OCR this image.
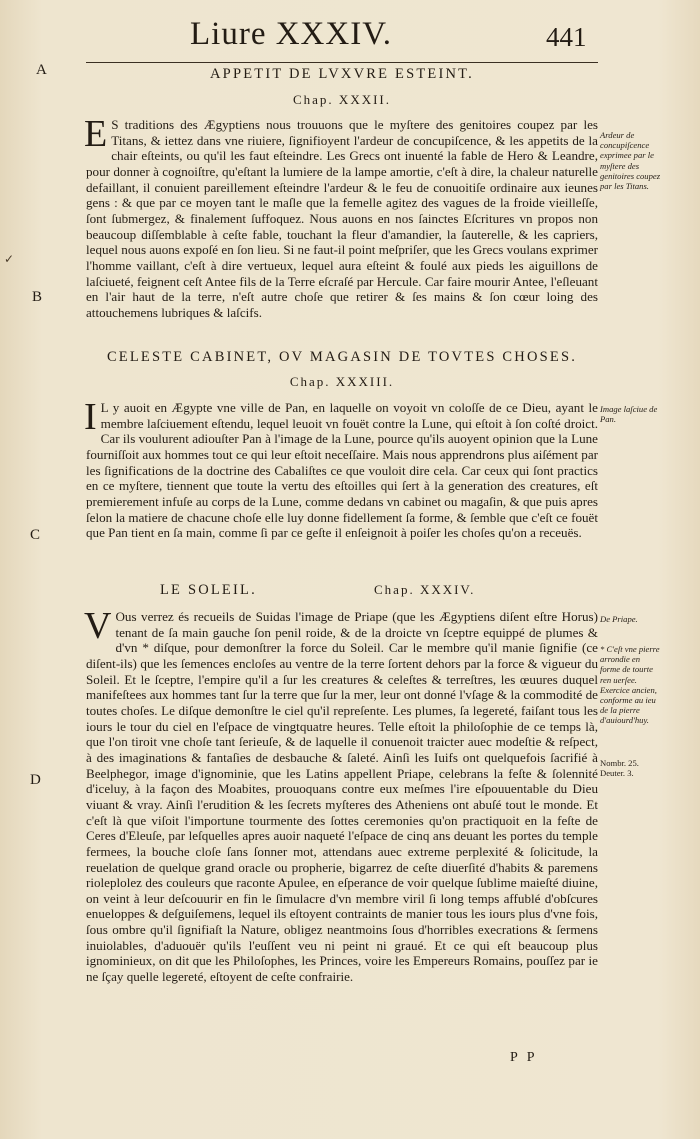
Liure XXXIV.	441
A
B
C
D
APPETIT DE LVXVRE ESTEINT.
Chap. XXXII.

E S traditions des Ægyptiens nous trouuons que le myſtere des genitoires coupez par les Titans, & iettez dans vne riuiere, ſignifioyent l'ardeur de concupiſcence, & les appetits de la chair eſteints, ou qu'il les faut eſteindre. Les Grecs ont inuenté la fable de Hero & Leandre, pour donner à cognoiſtre, qu'eſtant la lumiere de la lampe amortie, c'eſt à dire, la chaleur naturelle defaillant, il conuient pareillement eſteindre l'ardeur & le feu de conuoitiſe ordinaire aux ieunes gens : & que par ce moyen tant le maſle que la femelle agitez des vagues de la froide vieilleſſe, ſont ſubmergez, & finalement ſuffoquez. Nous auons en nos ſainctes Eſcritures vn propos non beaucoup diſſemblable à ceſte fable, touchant la fleur d'amandier, la ſauterelle, & les capriers, lequel nous auons expoſé en ſon lieu. Si ne faut-il point meſpriſer, que les Grecs voulans exprimer l'homme vaillant, c'eſt à dire vertueux, lequel aura eſteint & foulé aux pieds les aiguillons de laſciueté, feignent ceſt Antee fils de la Terre eſcraſé par Hercule. Car faire mourir Antee, l'eſleuant en l'air haut de la terre, n'eſt autre choſe que retirer & ſes mains & ſon cœur loing des attouchemens lubriques & laſcifs.

CELESTE CABINET, OV MAGASIN DE TOVTES CHOSES.
Chap. XXXIII.

I L y auoit en Ægypte vne ville de Pan, en laquelle on voyoit vn coloſſe de ce Dieu, ayant le membre laſciuement eſtendu, lequel leuoit vn fouët contre la Lune, qui eſtoit à ſon coſté droict. Car ils voulurent adiouſter Pan à l'image de la Lune, pource qu'ils auoyent opinion que la Lune fourniſſoit aux hommes tout ce qui leur eſtoit neceſſaire. Mais nous apprendrons plus aiſément par les ſignifications de la doctrine des Cabaliſtes ce que vouloit dire cela. Car ceux qui ſont practics en ce myſtere, tiennent que toute la vertu des eſtoilles qui ſert à la generation des creatures, eſt premierement infuſe au corps de la Lune, comme dedans vn cabinet ou magaſin, & que puis apres ſelon la matiere de chacune choſe elle luy donne fidellement ſa forme, & ſemble que c'eſt ce fouët que Pan tient en ſa main, comme ſi par ce geſte il enſeignoit à poiſer les choſes qu'on a receuës.

LE SOLEIL.	Chap. XXXIV.

V Ous verrez és recueils de Suidas l'image de Priape (que les Ægyptiens diſent eſtre Horus) tenant de ſa main gauche ſon penil roide, & de la droicte vn ſceptre equippé de plumes & d'vn * diſque, pour demonſtrer la force du Soleil. Car le membre qu'il manie ſignifie (ce diſent-ils) que les ſemences encloſes au ventre de la terre ſortent dehors par la force & vigueur du Soleil. Et le ſceptre, l'empire qu'il a ſur les creatures & celeſtes & terreſtres, les œuures duquel manifeſtees aux hommes tant ſur la terre que ſur la mer, leur ont donné l'vſage & la commodité de toutes choſes. Le diſque demonſtre le ciel qu'il repreſente. Les plumes, ſa legereté, faiſant tous les iours le tour du ciel en l'eſpace de vingtquatre heures. Telle eſtoit la philoſophie de ce temps là, que l'on tiroit vne choſe tant ſerieuſe, & de laquelle il conuenoit traicter auec modeſtie & reſpect, à des imaginations & fantaſies de desbauche & ſaleté. Ainſi les Iuifs ont quelquefois ſacrifié à Beelphegor, image d'ignominie, que les Latins appellent Priape, celebrans la feſte & ſolennité d'iceluy, à la façon des Moabites, prouoquans contre eux meſmes l'ire eſpouuentable du Dieu viuant & vray. Ainſi l'erudition & les ſecrets myſteres des Atheniens ont abuſé tout le monde. Et c'eſt là que viſoit l'importune tourmente des ſottes ceremonies qu'on practiquoit en la feſte de Ceres d'Eleuſe, par leſquelles apres auoir naqueté l'eſpace de cinq ans deuant les portes du temple fermees, la bouche cloſe ſans ſonner mot, attendans auec extreme perplexité & ſolicitude, la reuelation de quelque grand oracle ou propherie, bigarrez de ceſte diuerſité d'habits & paremens rioleplolez des couleurs que raconte Apulee, en eſperance de voir quelque ſublime maieſté diuine, on veint à leur deſcouurir en fin le ſimulacre d'vn membre viril ſi long temps affublé d'obſcures enueloppes & deſguiſemens, lequel ils eſtoyent contraints de manier tous les iours plus d'vne fois, ſous ombre qu'il ſignifiaſt la Nature, obligez neantmoins ſous d'horribles execrations & ſermens inuiolables, d'aduouër qu'ils l'euſſent veu ni peint ni graué. Et ce qui eſt beaucoup plus ignominieux, on dit que les Philoſophes, les Princes, voire les Empereurs Romains, pouſſez par ie ne ſçay quelle legereté, eſtoyent de ceſte confrairie.

Ardeur de concupiſcence exprimee par le myſtere des genitoires coupez par les Titans.
Image laſciue de Pan.
De Priape.
* C'eſt vne pierre arrondie en forme de tourte ren uerſee. Exercice ancien, conforme au ieu de la pierre d'auiourd'huy.
Nombr. 25. Deuter. 3.
✓
P P
